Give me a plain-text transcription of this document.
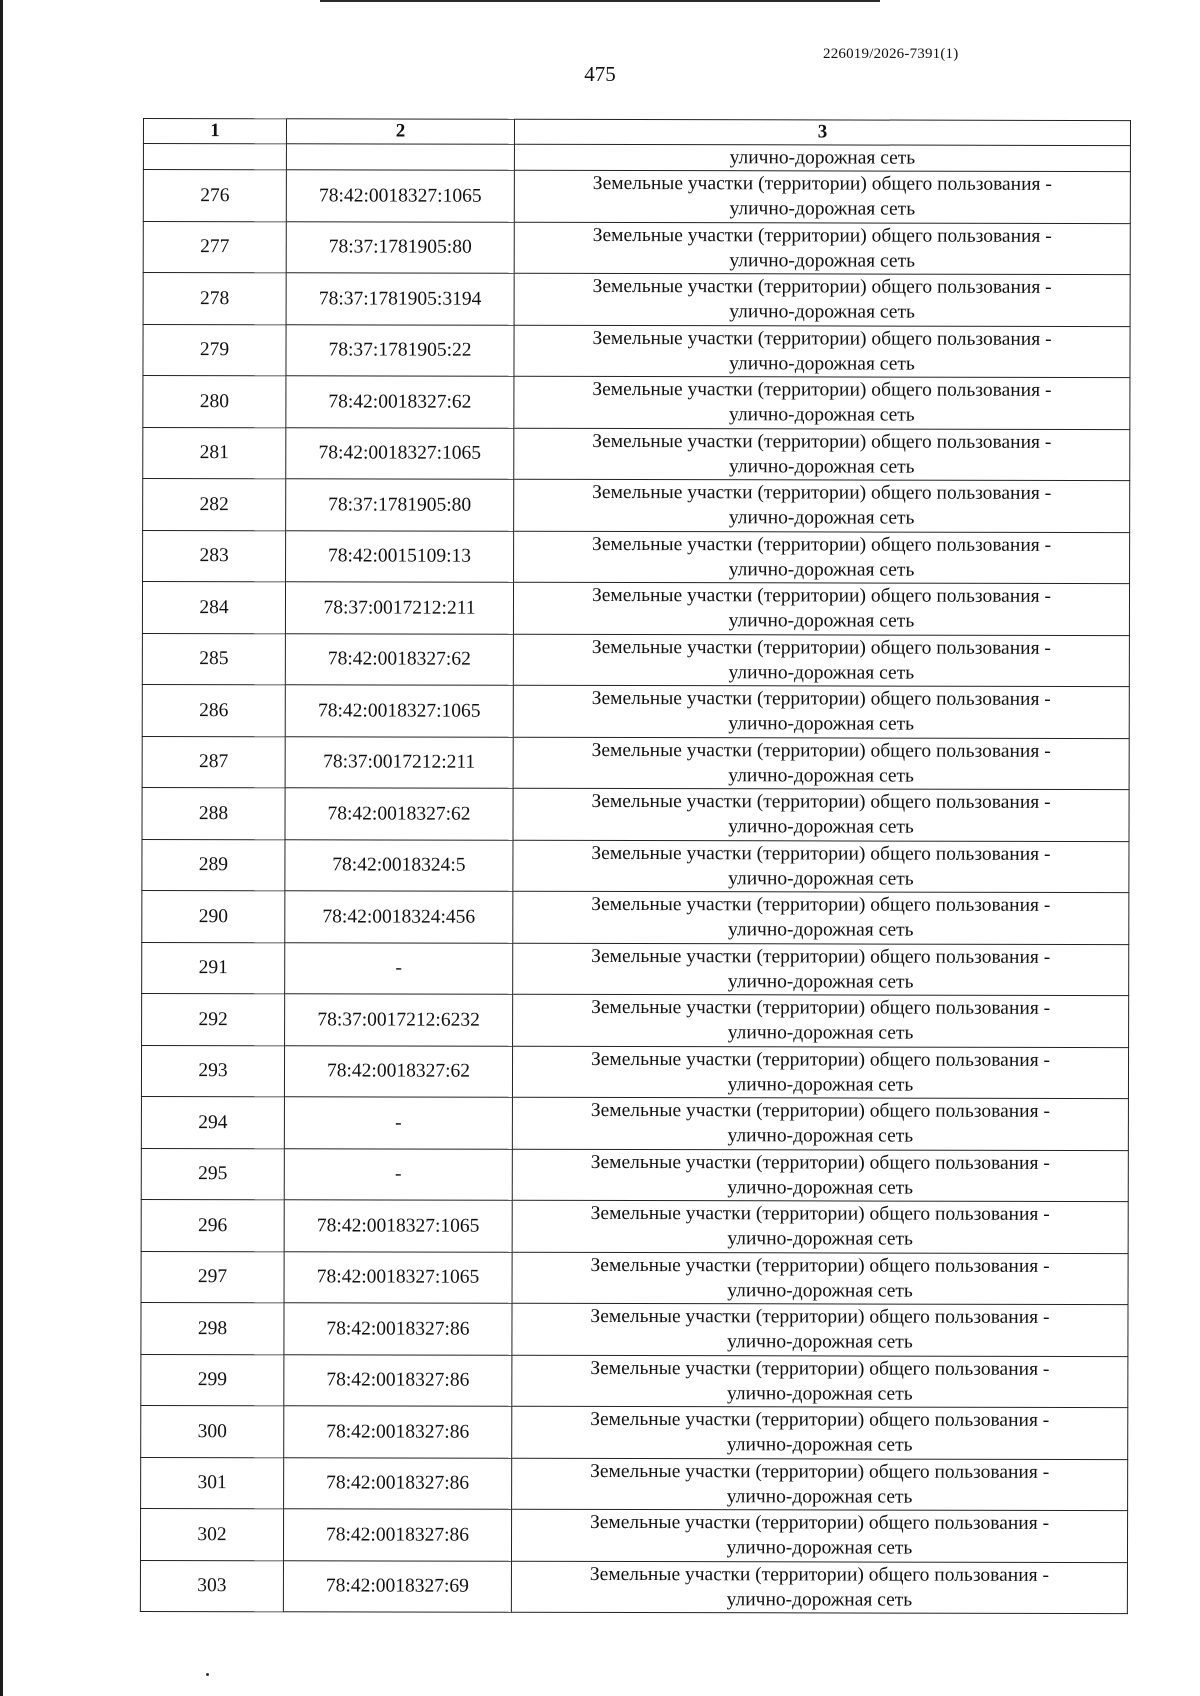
226019/2026-7391(1)
475
1	2	3
		улично-дорожная сеть
276	78:42:0018327:1065	Земельные участки (территории) общего пользования -
улично-дорожная сеть

277	78:37:1781905:80	Земельные участки (территории) общего пользования -
улично-дорожная сеть

278	78:37:1781905:3194	Земельные участки (территории) общего пользования -
улично-дорожная сеть

279	78:37:1781905:22	Земельные участки (территории) общего пользования -
улично-дорожная сеть

280	78:42:0018327:62	Земельные участки (территории) общего пользования -
улично-дорожная сеть

281	78:42:0018327:1065	Земельные участки (территории) общего пользования -
улично-дорожная сеть

282	78:37:1781905:80	Земельные участки (территории) общего пользования -
улично-дорожная сеть

283	78:42:0015109:13	Земельные участки (территории) общего пользования -
улично-дорожная сеть

284	78:37:0017212:211	Земельные участки (территории) общего пользования -
улично-дорожная сеть

285	78:42:0018327:62	Земельные участки (территории) общего пользования -
улично-дорожная сеть

286	78:42:0018327:1065	Земельные участки (территории) общего пользования -
улично-дорожная сеть

287	78:37:0017212:211	Земельные участки (территории) общего пользования -
улично-дорожная сеть

288	78:42:0018327:62	Земельные участки (территории) общего пользования -
улично-дорожная сеть

289	78:42:0018324:5	Земельные участки (территории) общего пользования -
улично-дорожная сеть

290	78:42:0018324:456	Земельные участки (территории) общего пользования -
улично-дорожная сеть

291	-	Земельные участки (территории) общего пользования -
улично-дорожная сеть

292	78:37:0017212:6232	Земельные участки (территории) общего пользования -
улично-дорожная сеть

293	78:42:0018327:62	Земельные участки (территории) общего пользования -
улично-дорожная сеть

294	-	Земельные участки (территории) общего пользования -
улично-дорожная сеть

295	-	Земельные участки (территории) общего пользования -
улично-дорожная сеть

296	78:42:0018327:1065	Земельные участки (территории) общего пользования -
улично-дорожная сеть

297	78:42:0018327:1065	Земельные участки (территории) общего пользования -
улично-дорожная сеть

298	78:42:0018327:86	Земельные участки (территории) общего пользования -
улично-дорожная сеть

299	78:42:0018327:86	Земельные участки (территории) общего пользования -
улично-дорожная сеть

300	78:42:0018327:86	Земельные участки (территории) общего пользования -
улично-дорожная сеть

301	78:42:0018327:86	Земельные участки (территории) общего пользования -
улично-дорожная сеть

302	78:42:0018327:86	Земельные участки (территории) общего пользования -
улично-дорожная сеть

303	78:42:0018327:69	Земельные участки (территории) общего пользования -
улично-дорожная сеть
